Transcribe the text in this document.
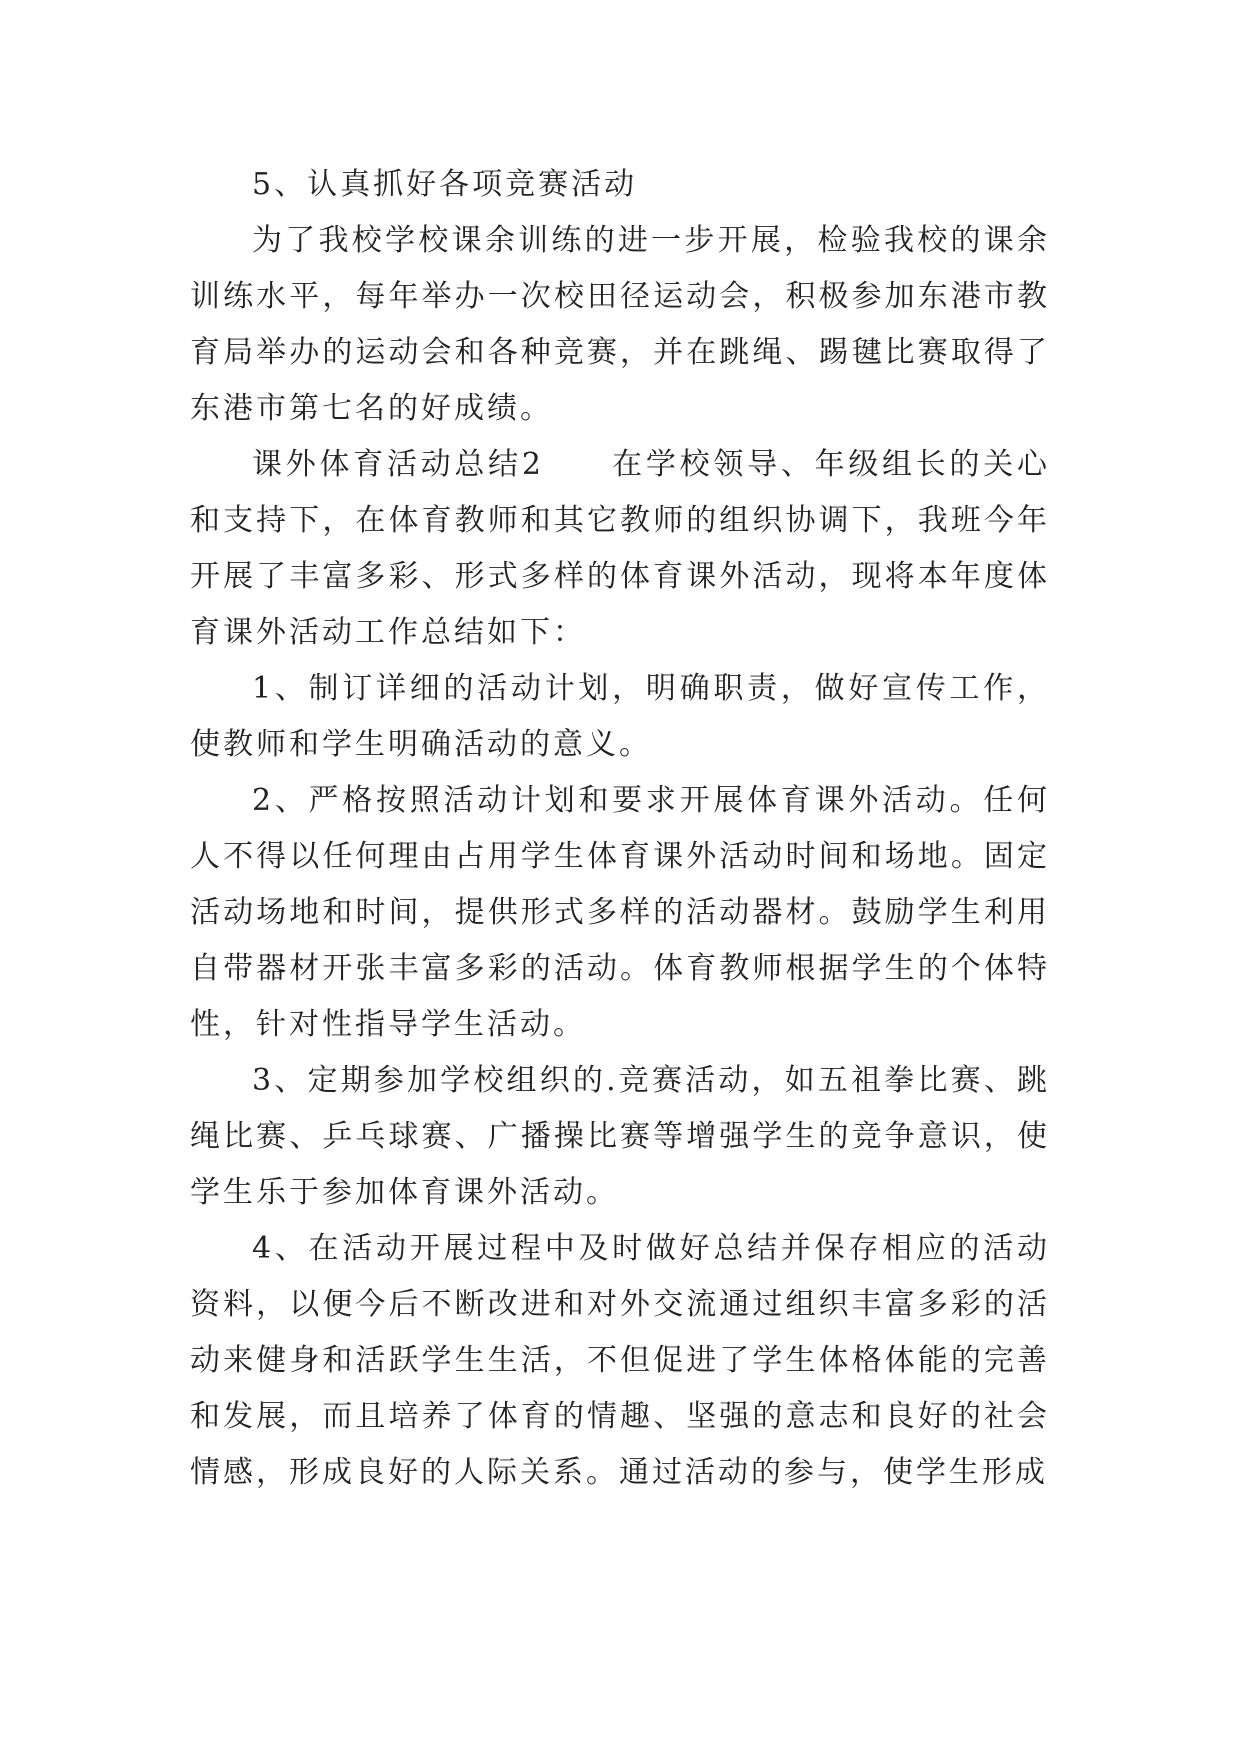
5、认真抓好各项竞赛活动

为了我校学校课余训练的进一步开展，检验我校的课余训练水平，每年举办一次校田径运动会，积极参加东港市教育局举办的运动会和各种竞赛，并在跳绳、踢毽比赛取得了东港市第七名的好成绩。

课外体育活动总结2　　在学校领导、年级组长的关心和支持下，在体育教师和其它教师的组织协调下，我班今年开展了丰富多彩、形式多样的体育课外活动，现将本年度体育课外活动工作总结如下：

1、制订详细的活动计划，明确职责，做好宣传工作，使教师和学生明确活动的意义。

2、严格按照活动计划和要求开展体育课外活动。任何人不得以任何理由占用学生体育课外活动时间和场地。固定活动场地和时间，提供形式多样的活动器材。鼓励学生利用自带器材开张丰富多彩的活动。体育教师根据学生的个体特性，针对性指导学生活动。

3、定期参加学校组织的.竞赛活动，如五祖拳比赛、跳绳比赛、乒乓球赛、广播操比赛等增强学生的竞争意识，使学生乐于参加体育课外活动。

4、在活动开展过程中及时做好总结并保存相应的活动资料，以便今后不断改进和对外交流通过组织丰富多彩的活动来健身和活跃学生生活，不但促进了学生体格体能的完善和发展，而且培养了体育的情趣、坚强的意志和良好的社会情感，形成良好的人际关系。通过活动的参与，使学生形成
